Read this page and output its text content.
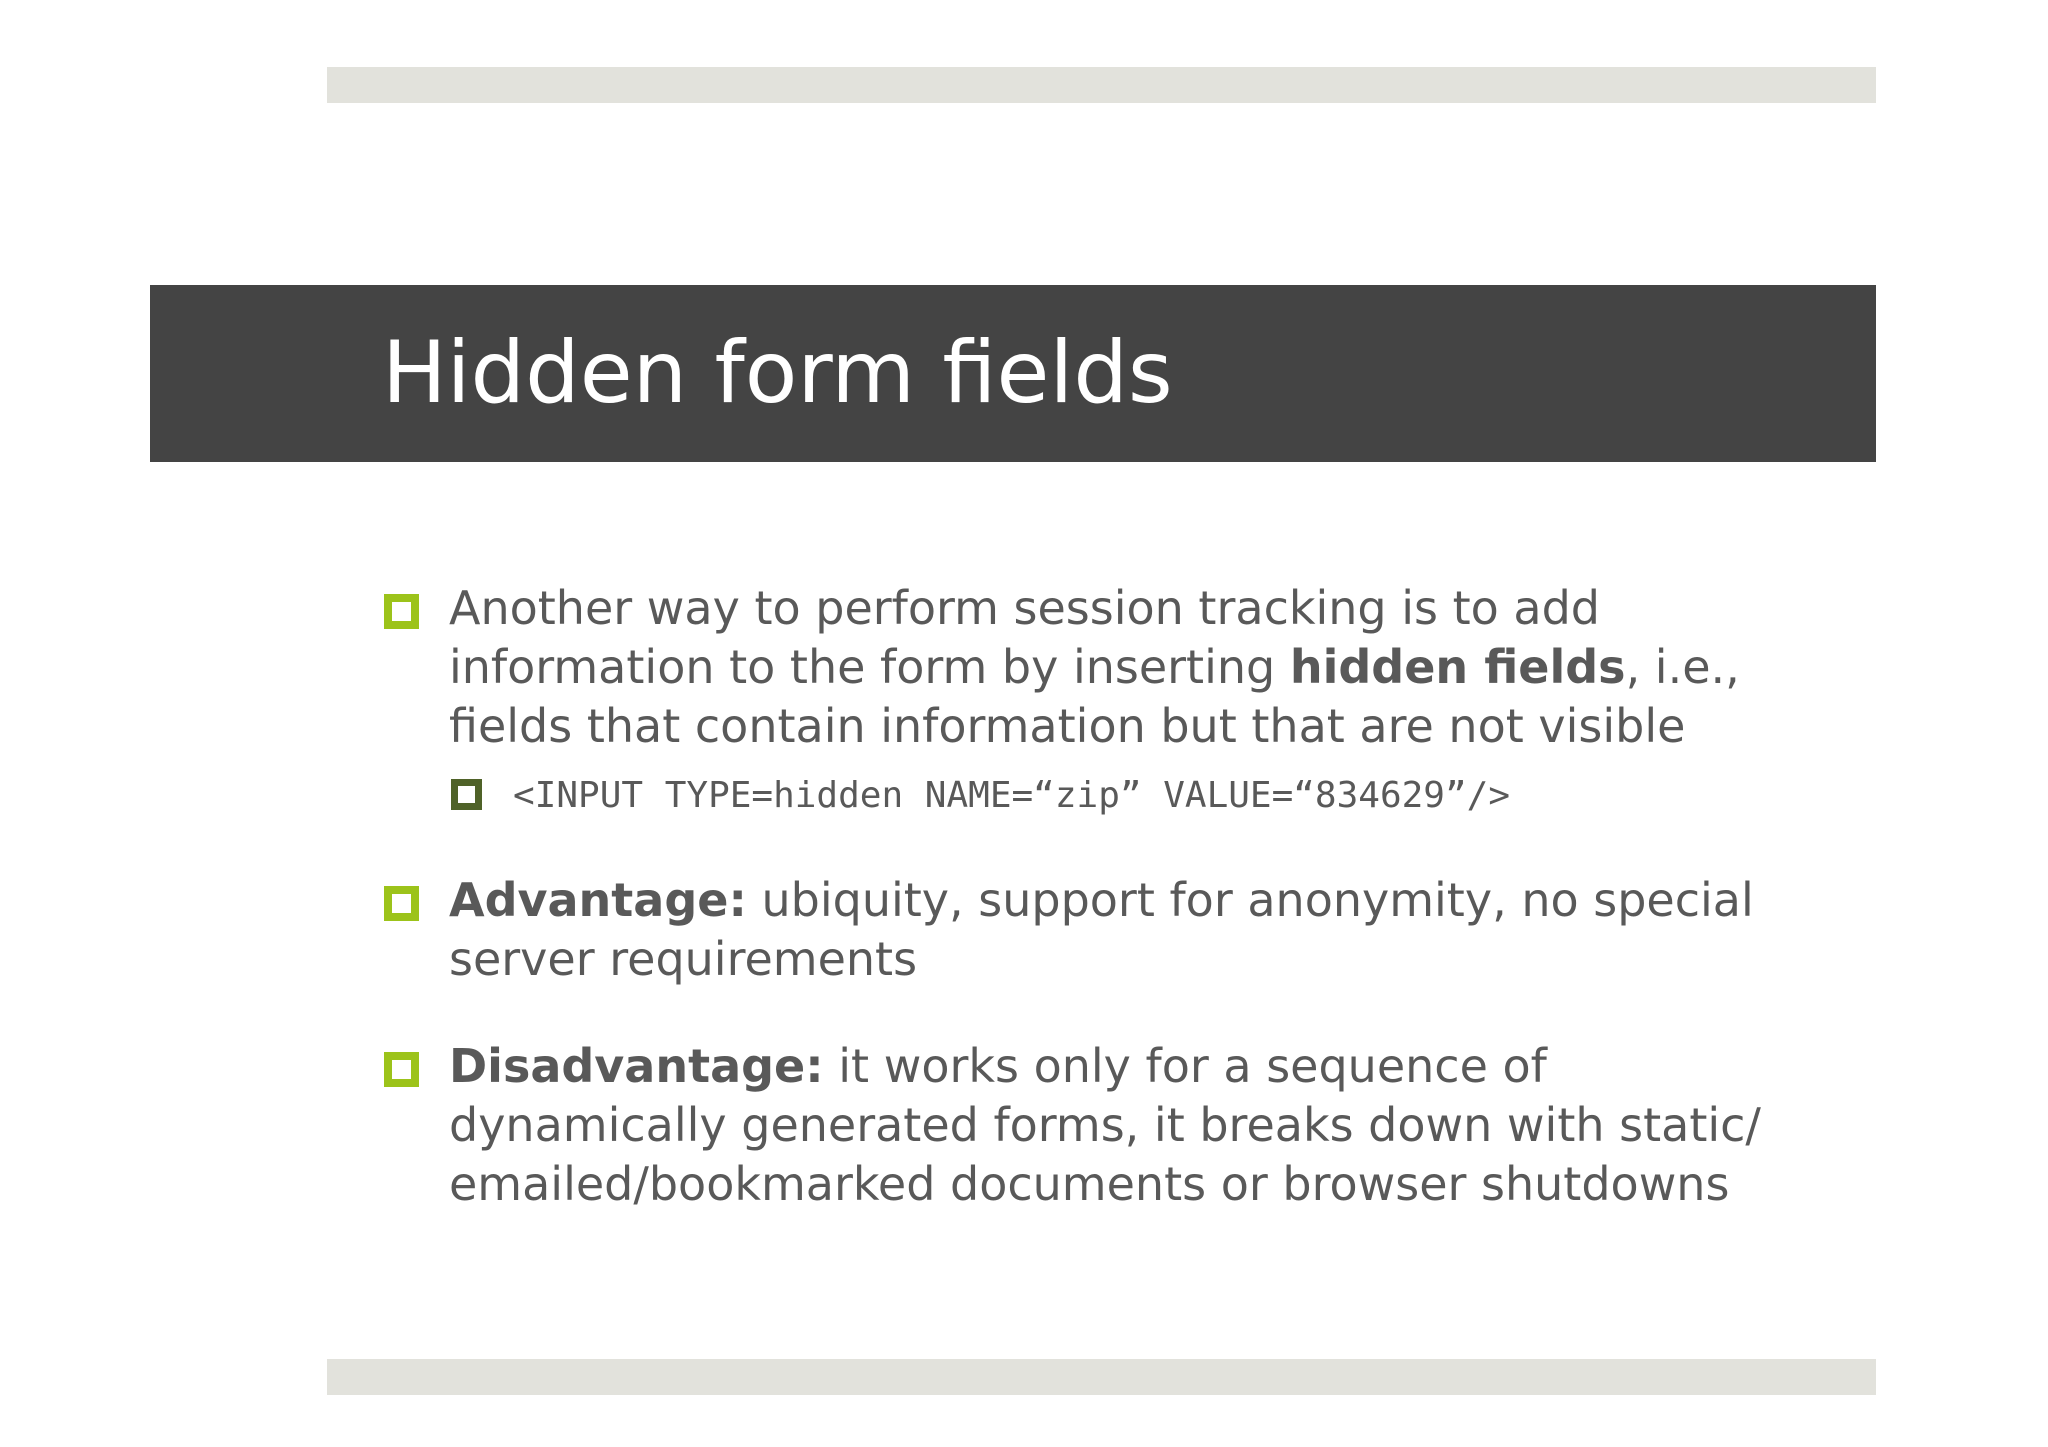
Hidden form fields
Another way to perform session tracking is to add
information to the form by inserting hidden fields, i.e.,
fields that contain information but that are not visible
<INPUT TYPE=hidden NAME=“zip” VALUE=“834629”/>
Advantage: ubiquity, support for anonymity, no special
server requirements
Disadvantage: it works only for a sequence of
dynamically generated forms, it breaks down with static/
emailed/bookmarked documents or browser shutdowns
